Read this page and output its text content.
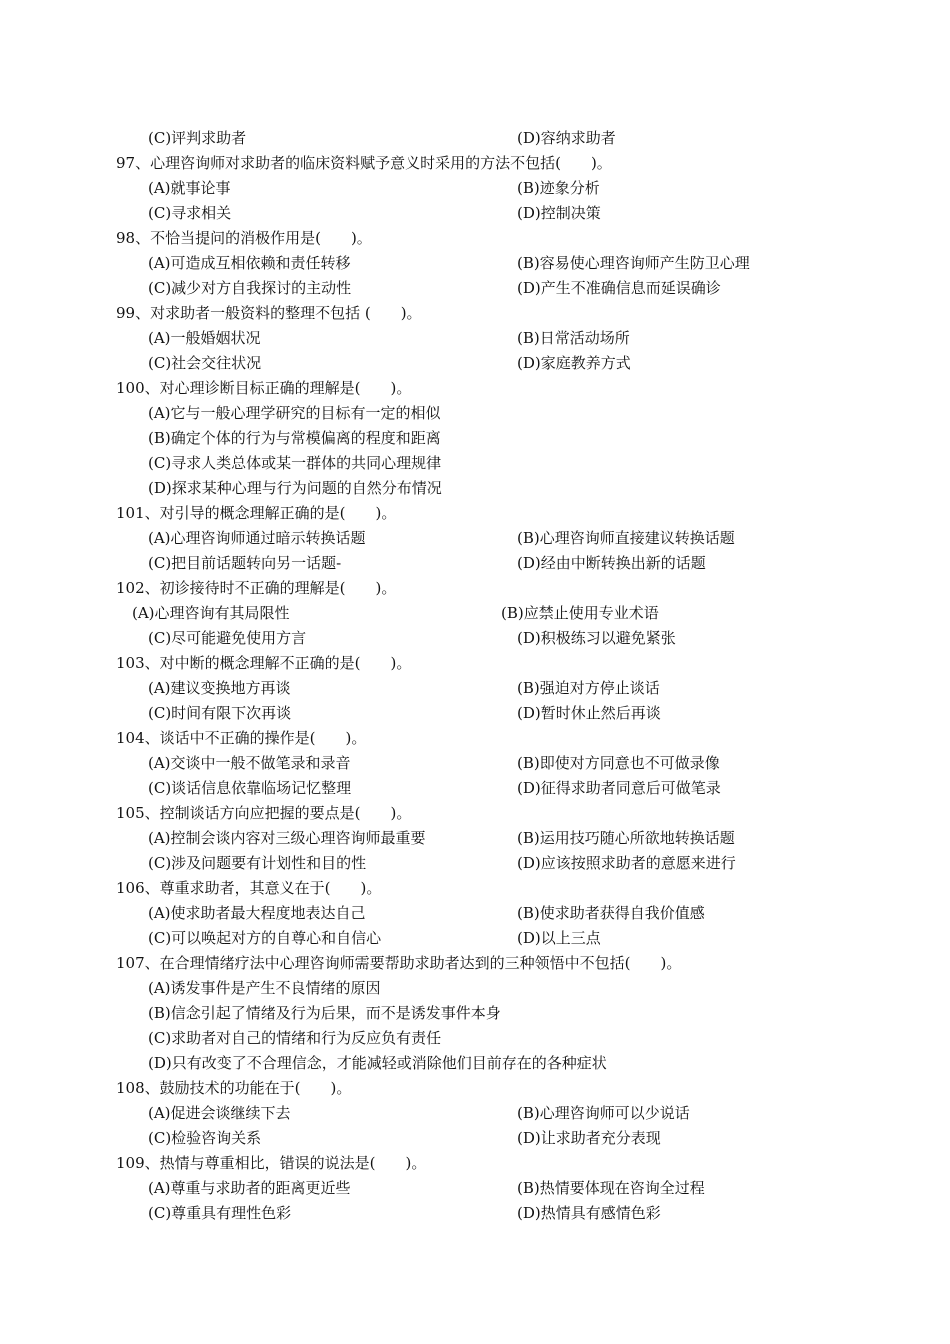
(C)评判求助者	(D)容纳求助者
97、心理咨询师对求助者的临床资料赋予意义时采用的方法不包括(　　)。
(A)就事论事	(B)迹象分析
(C)寻求相关	(D)控制决策
98、不恰当提问的消极作用是(　　)。
(A)可造成互相依赖和责任转移	(B)容易使心理咨询师产生防卫心理
(C)减少对方自我探讨的主动性	(D)产生不准确信息而延误确诊
99、对求助者一般资料的整理不包括 (　　)。
(A)一般婚姻状况	(B)日常活动场所
(C)社会交往状况	(D)家庭教养方式
100、对心理诊断目标正确的理解是(　　)。
(A)它与一般心理学研究的目标有一定的相似
(B)确定个体的行为与常模偏离的程度和距离
(C)寻求人类总体或某一群体的共同心理规律
(D)探求某种心理与行为问题的自然分布情况
101、对引导的概念理解正确的是(　　)。
(A)心理咨询师通过暗示转换话题	(B)心理咨询师直接建议转换话题
(C)把目前话题转向另一话题-	(D)经由中断转换出新的话题
102、初诊接待时不正确的理解是(　　)。
(A)心理咨询有其局限性	(B)应禁止使用专业术语
(C)尽可能避免使用方言	(D)积极练习以避免紧张
103、对中断的概念理解不正确的是(　　)。
(A)建议变换地方再谈	(B)强迫对方停止谈话
(C)时间有限下次再谈	(D)暂时休止然后再谈
104、谈话中不正确的操作是(　　)。
(A)交谈中一般不做笔录和录音	(B)即使对方同意也不可做录像
(C)谈话信息依靠临场记忆整理	(D)征得求助者同意后可做笔录
105、控制谈话方向应把握的要点是(　　)。
(A)控制会谈内容对三级心理咨询师最重要	(B)运用技巧随心所欲地转换话题
(C)涉及问题要有计划性和目的性	(D)应该按照求助者的意愿来进行
106、尊重求助者，其意义在于(　　)。
(A)使求助者最大程度地表达自己	(B)使求助者获得自我价值感
(C)可以唤起对方的自尊心和自信心	(D)以上三点
107、在合理情绪疗法中心理咨询师需要帮助求助者达到的三种领悟中不包括(　　)。
(A)诱发事件是产生不良情绪的原因
(B)信念引起了情绪及行为后果，而不是诱发事件本身
(C)求助者对自己的情绪和行为反应负有责任
(D)只有改变了不合理信念，才能减轻或消除他们目前存在的各种症状
108、鼓励技术的功能在于(　　)。
(A)促进会谈继续下去	(B)心理咨询师可以少说话
(C)检验咨询关系	(D)让求助者充分表现
109、热情与尊重相比，错误的说法是(　　)。
(A)尊重与求助者的距离更近些	(B)热情要体现在咨询全过程
(C)尊重具有理性色彩	(D)热情具有感情色彩
